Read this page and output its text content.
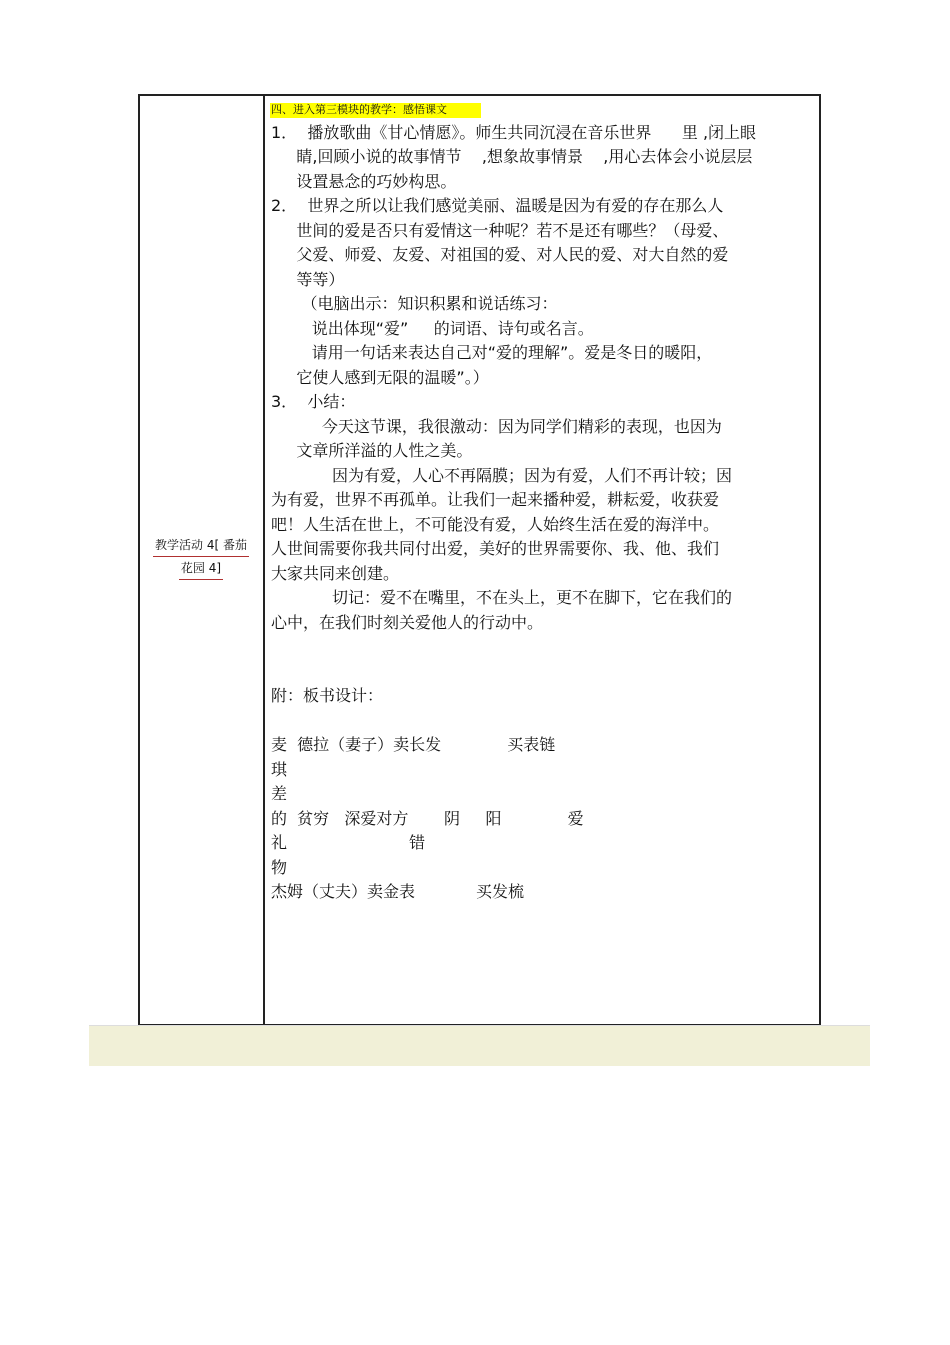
教学活动 4[ 番茄
花园 4]
四、进入第三模块的教学：感悟课文
1．  播放歌曲《甘心情愿》。师生共同沉浸在音乐世界      里 ,闭上眼
睛,回顾小说的故事情节    ,想象故事情景    ,用心去体会小说层层
设置悬念的巧妙构思。
2．  世界之所以让我们感觉美丽、温暖是因为有爱的存在那么人
世间的爱是否只有爱情这一种呢？若不是还有哪些？（母爱、
父爱、师爱、友爱、对祖国的爱、对人民的爱、对大自然的爱
等等）
（电脑出示：知识积累和说话练习：
说出体现“爱”     的词语、诗句或名言。
请用一句话来表达自己对“爱的理解”。爱是冬日的暖阳，
它使人感到无限的温暖”。）
3．  小结：
今天这节课，我很激动：因为同学们精彩的表现，也因为
文章所洋溢的人性之美。
因为有爱，人心不再隔膜；因为有爱，人们不再计较；因
为有爱，世界不再孤单。让我们一起来播种爱，耕耘爱，收获爱
吧！人生活在世上，不可能没有爱，人始终生活在爱的海洋中。
人世间需要你我共同付出爱，美好的世界需要你、我、他、我们
大家共同来创建。
切记：爱不在嘴里，不在头上，更不在脚下，它在我们的
心中，在我们时刻关爱他人的行动中。

附：板书设计：

麦  德拉（妻子）卖长发             买表链
琪
差
的  贫穷   深爱对方       阴     阳             爱
礼                        错
物
杰姆（丈夫）卖金表            买发梳
